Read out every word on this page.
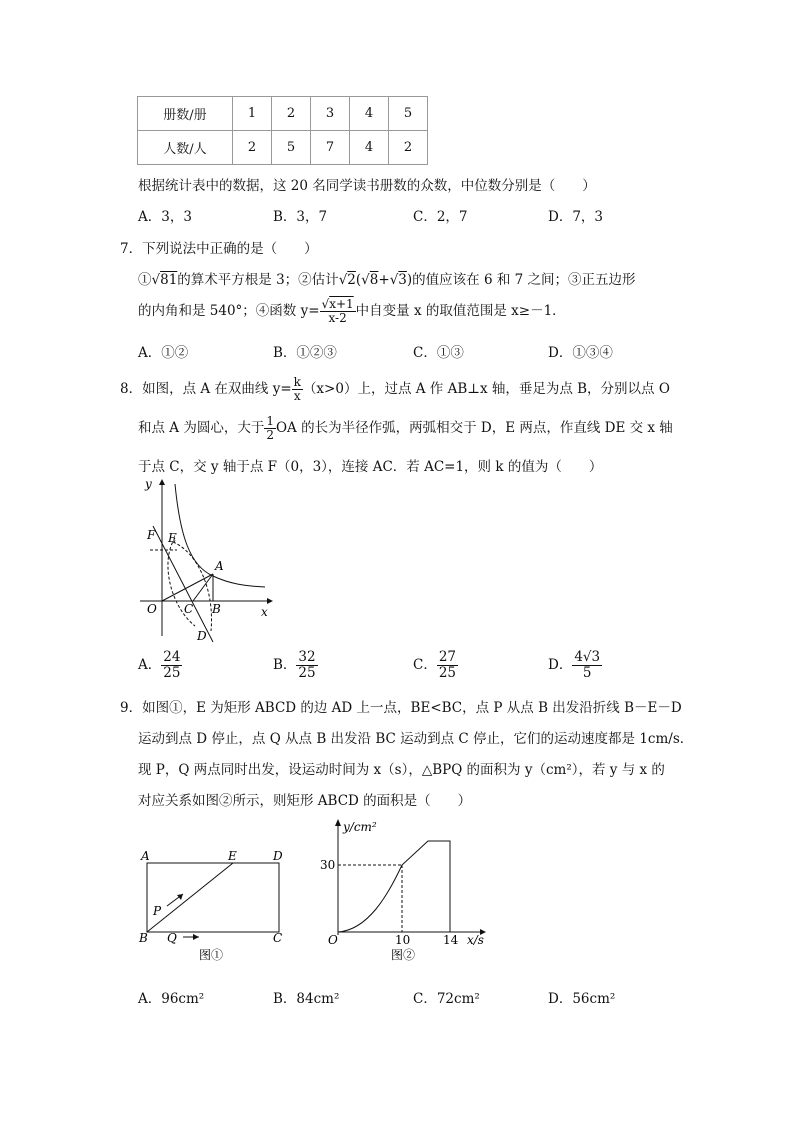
册数/册	1	2	3	4	5
人数/人	2	5	7	4	2
根据统计表中的数据，这 20 名同学读书册数的众数，中位数分别是（　　）
A．3，3	B．3，7	C．2，7	D．7，3
7．下列说法中正确的是（　　）
①√81的算术平方根是 3；②估计√2(√8+√3)的值应该在 6 和 7 之间；③正五边形
的内角和是 540°；④函数 $y= \frac{√x+1}{x-2}$ 中自变量 x 的取值范围是 x≥－1．
A．①②	B．①②③	C．①③	D．①③④
8．如图，点 A 在双曲线 $y= \frac{k}{x} (x>0)$上，过点 A 作 AB⊥x 轴，垂足为点 B，分别以点 O
和点 A 为圆心，大于 $\frac{1}{2}$ OA 的长为半径作弧，两弧相交于 D，E 两点，作直线 DE 交 x 轴
于点 C，交 y 轴于点 F（0，3），连接 AC．若 AC=1，则 k 的值为（　　）
y
x
F E
A
O C B
D
A． $\frac{24}{25}$	B． $\frac{32}{25}$	C． $\frac{27}{25}$	D． $\frac{4√3}{5}$
9．如图①，E 为矩形 ABCD 的边 AD 上一点，BE<BC，点 P 从点 B 出发沿折线 B－E－D
运动到点 D 停止，点 Q 从点 B 出发沿 BC 运动到点 C 停止，它们的运动速度都是 1cm/s．
现 P，Q 两点同时出发，设运动时间为 x（s），△BPQ 的面积为 y（cm²），若 y 与 x 的
对应关系如图②所示，则矩形 ABCD 的面积是（　　）
A	E	D
P
B Q	C
图①
y/cm²
x/s
O
30
10	14
图②
A．96cm²	B．84cm²	C．72cm²	D．56cm²
